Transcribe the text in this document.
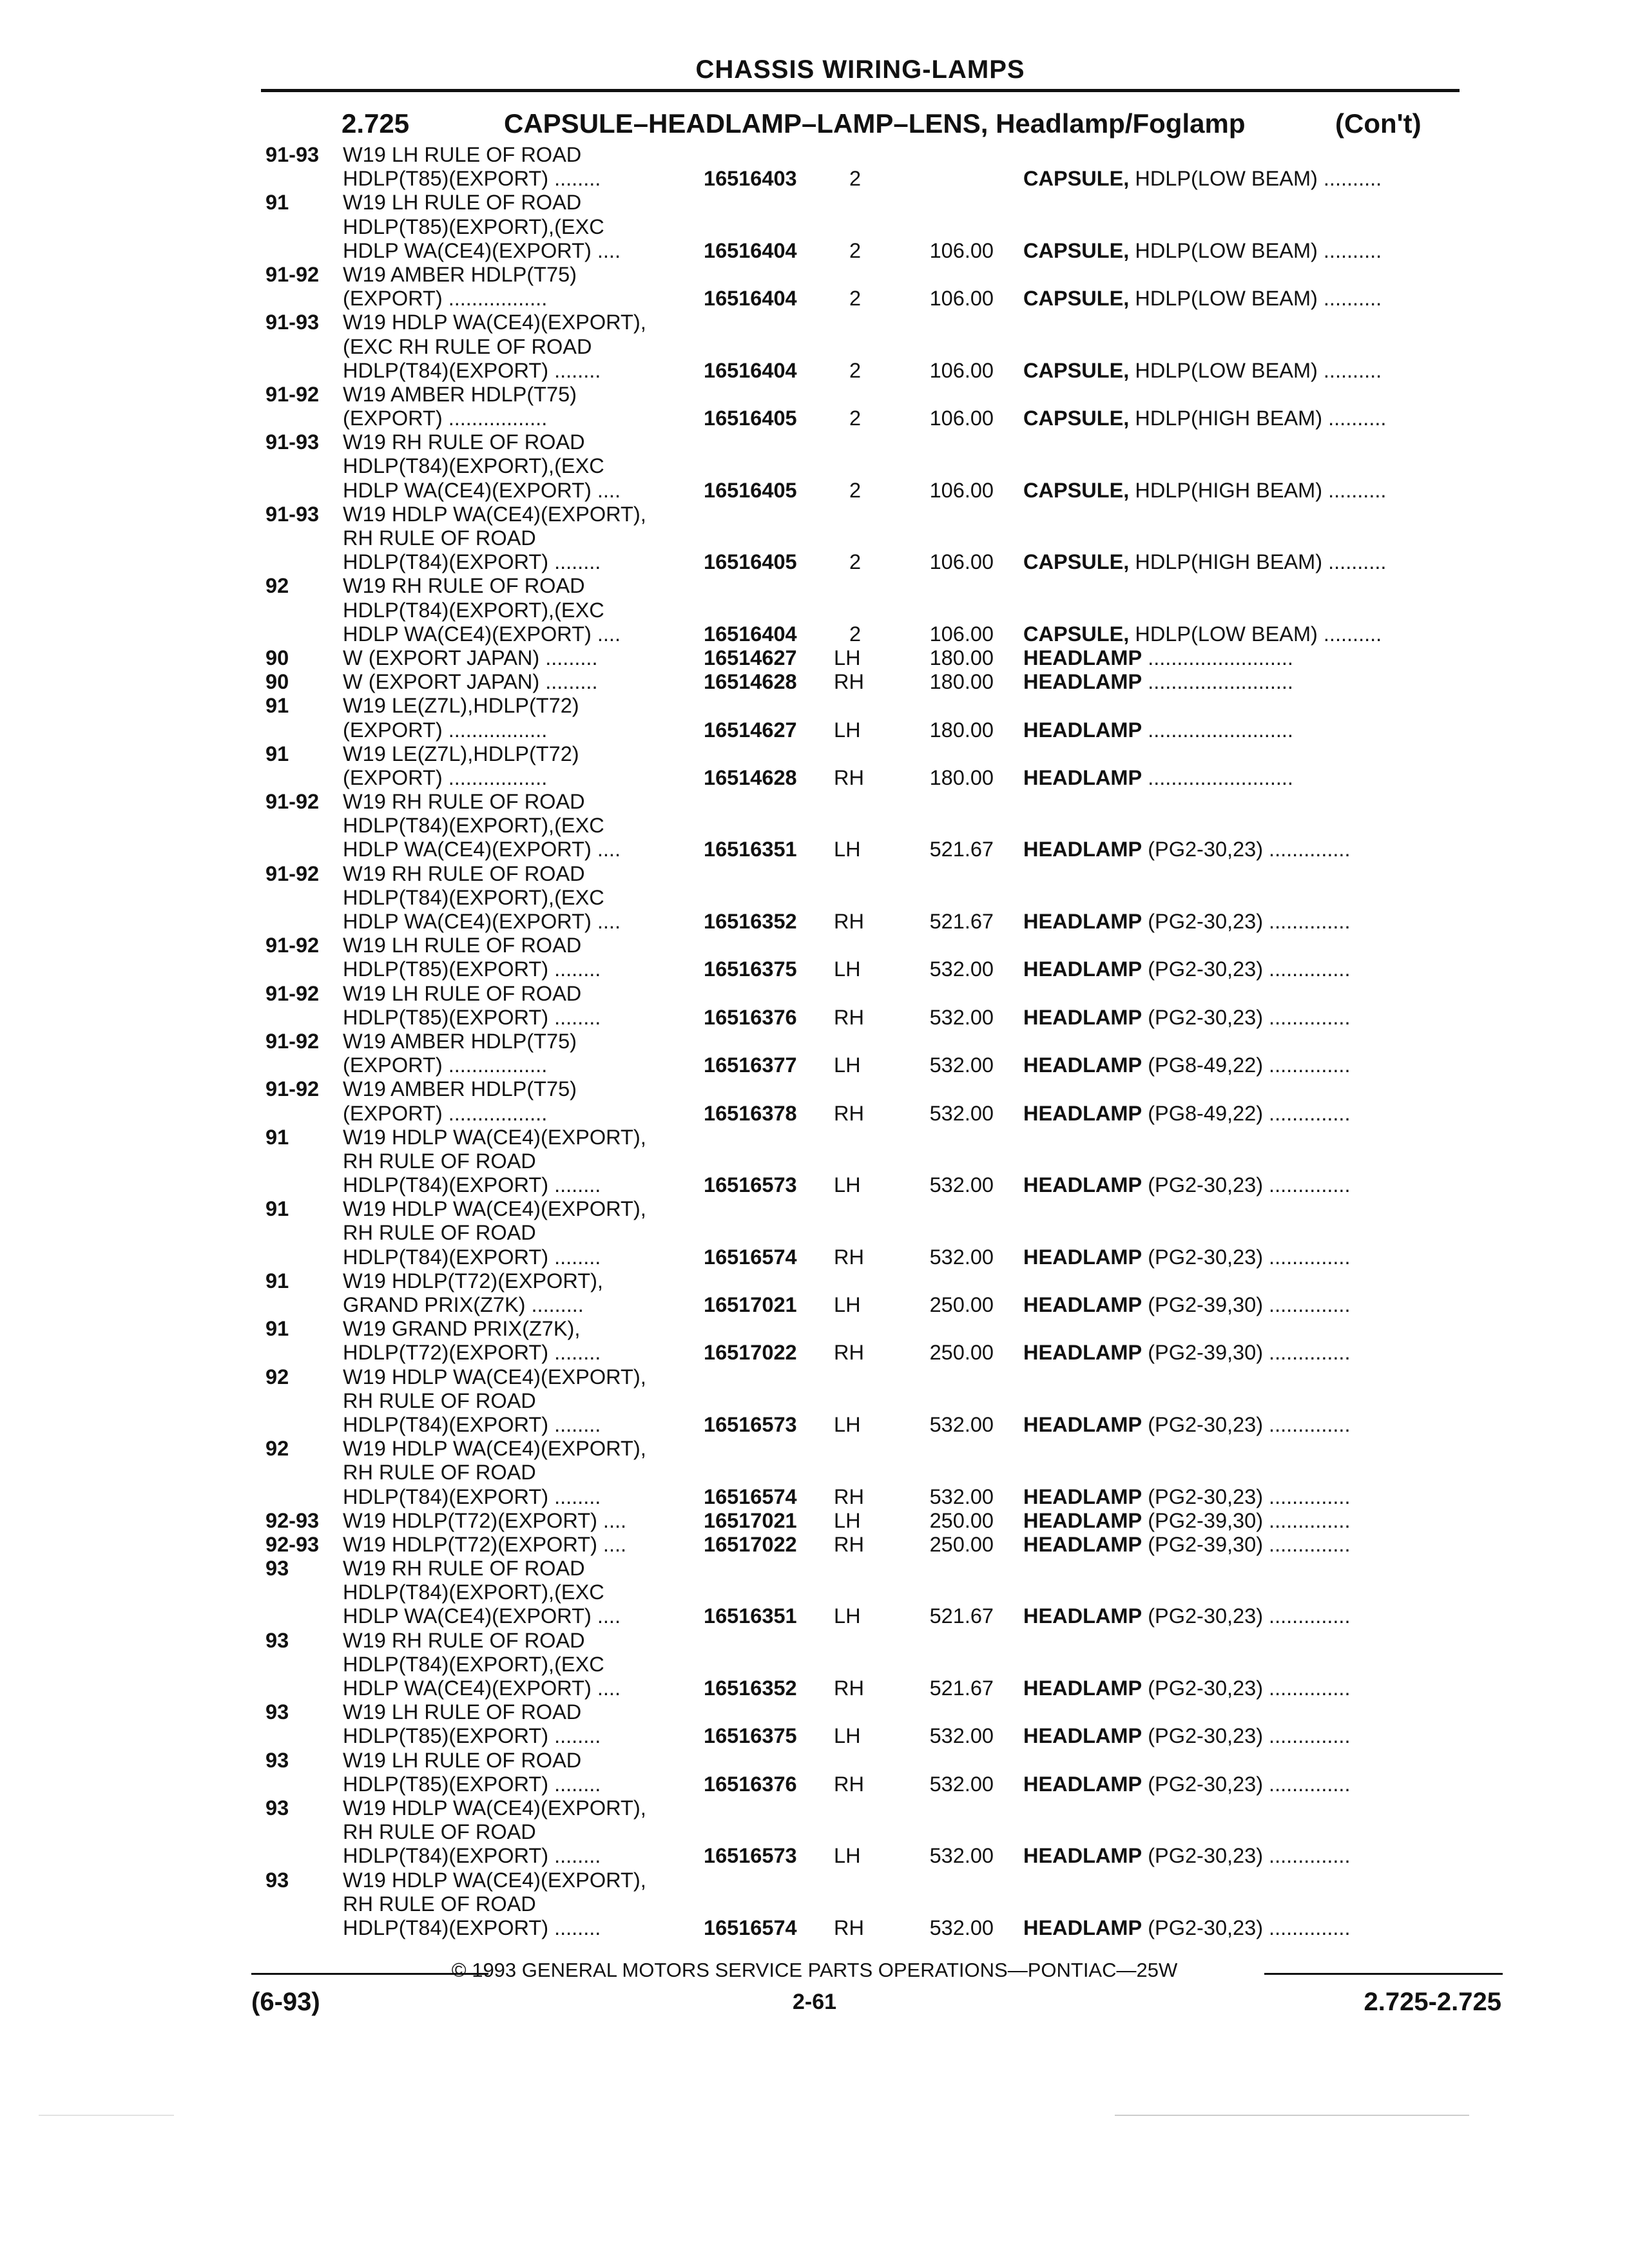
CHASSIS WIRING-LAMPS
2.725	CAPSULE–HEADLAMP–LAMP–LENS, Headlamp/Foglamp	(Con't)
91-93 W19 LH RULE OF ROAD
HDLP(T85)(EXPORT) ........	16516403	2	CAPSULE, HDLP(LOW BEAM) ..........
91	W19 LH RULE OF ROAD
HDLP(T85)(EXPORT),(EXC
HDLP WA(CE4)(EXPORT) ....	16516404	2	106.00 CAPSULE, HDLP(LOW BEAM) ..........
91-92 W19 AMBER HDLP(T75)
(EXPORT) .................	16516404	2	106.00 CAPSULE, HDLP(LOW BEAM) ..........
91-93 W19 HDLP WA(CE4)(EXPORT),
(EXC RH RULE OF ROAD
HDLP(T84)(EXPORT) ........	16516404	2	106.00 CAPSULE, HDLP(LOW BEAM) ..........
91-92 W19 AMBER HDLP(T75)
(EXPORT) .................	16516405	2	106.00 CAPSULE, HDLP(HIGH BEAM) ..........
91-93 W19 RH RULE OF ROAD
HDLP(T84)(EXPORT),(EXC
HDLP WA(CE4)(EXPORT) ....	16516405	2	106.00 CAPSULE, HDLP(HIGH BEAM) ..........
91-93 W19 HDLP WA(CE4)(EXPORT),
RH RULE OF ROAD
HDLP(T84)(EXPORT) ........	16516405	2	106.00 CAPSULE, HDLP(HIGH BEAM) ..........
92	W19 RH RULE OF ROAD
HDLP(T84)(EXPORT),(EXC
HDLP WA(CE4)(EXPORT) ....	16516404	2	106.00 CAPSULE, HDLP(LOW BEAM) ..........
90	W (EXPORT JAPAN) .........	16514627 LH	180.00 HEADLAMP .........................
90	W (EXPORT JAPAN) .........	16514628 RH	180.00 HEADLAMP .........................
91	W19 LE(Z7L),HDLP(T72)
(EXPORT) .................	16514627 LH	180.00 HEADLAMP .........................
91	W19 LE(Z7L),HDLP(T72)
(EXPORT) .................	16514628 RH	180.00 HEADLAMP .........................
91-92 W19 RH RULE OF ROAD
HDLP(T84)(EXPORT),(EXC
HDLP WA(CE4)(EXPORT) ....	16516351 LH	521.67 HEADLAMP (PG2-30,23) ..............
91-92 W19 RH RULE OF ROAD
HDLP(T84)(EXPORT),(EXC
HDLP WA(CE4)(EXPORT) ....	16516352 RH	521.67 HEADLAMP (PG2-30,23) ..............
91-92 W19 LH RULE OF ROAD
HDLP(T85)(EXPORT) ........	16516375 LH	532.00 HEADLAMP (PG2-30,23) ..............
91-92 W19 LH RULE OF ROAD
HDLP(T85)(EXPORT) ........	16516376 RH	532.00 HEADLAMP (PG2-30,23) ..............
91-92 W19 AMBER HDLP(T75)
(EXPORT) .................	16516377 LH	532.00 HEADLAMP (PG8-49,22) ..............
91-92 W19 AMBER HDLP(T75)
(EXPORT) .................	16516378 RH	532.00 HEADLAMP (PG8-49,22) ..............
91	W19 HDLP WA(CE4)(EXPORT),
RH RULE OF ROAD
HDLP(T84)(EXPORT) ........	16516573 LH	532.00 HEADLAMP (PG2-30,23) ..............
91	W19 HDLP WA(CE4)(EXPORT),
RH RULE OF ROAD
HDLP(T84)(EXPORT) ........	16516574 RH	532.00 HEADLAMP (PG2-30,23) ..............
91	W19 HDLP(T72)(EXPORT),
GRAND PRIX(Z7K) .........	16517021 LH	250.00 HEADLAMP (PG2-39,30) ..............
91	W19 GRAND PRIX(Z7K),
HDLP(T72)(EXPORT) ........	16517022 RH	250.00 HEADLAMP (PG2-39,30) ..............
92	W19 HDLP WA(CE4)(EXPORT),
RH RULE OF ROAD
HDLP(T84)(EXPORT) ........	16516573 LH	532.00 HEADLAMP (PG2-30,23) ..............
92	W19 HDLP WA(CE4)(EXPORT),
RH RULE OF ROAD
HDLP(T84)(EXPORT) ........	16516574 RH	532.00 HEADLAMP (PG2-30,23) ..............
92-93 W19 HDLP(T72)(EXPORT) ....	16517021 LH	250.00 HEADLAMP (PG2-39,30) ..............
92-93 W19 HDLP(T72)(EXPORT) ....	16517022 RH	250.00 HEADLAMP (PG2-39,30) ..............
93	W19 RH RULE OF ROAD
HDLP(T84)(EXPORT),(EXC
HDLP WA(CE4)(EXPORT) ....	16516351 LH	521.67 HEADLAMP (PG2-30,23) ..............
93	W19 RH RULE OF ROAD
HDLP(T84)(EXPORT),(EXC
HDLP WA(CE4)(EXPORT) ....	16516352 RH	521.67 HEADLAMP (PG2-30,23) ..............
93	W19 LH RULE OF ROAD
HDLP(T85)(EXPORT) ........	16516375 LH	532.00 HEADLAMP (PG2-30,23) ..............
93	W19 LH RULE OF ROAD
HDLP(T85)(EXPORT) ........	16516376 RH	532.00 HEADLAMP (PG2-30,23) ..............
93	W19 HDLP WA(CE4)(EXPORT),
RH RULE OF ROAD
HDLP(T84)(EXPORT) ........	16516573 LH	532.00 HEADLAMP (PG2-30,23) ..............
93	W19 HDLP WA(CE4)(EXPORT),
RH RULE OF ROAD
HDLP(T84)(EXPORT) ........	16516574 RH	532.00 HEADLAMP (PG2-30,23) ..............
© 1993 GENERAL MOTORS SERVICE PARTS OPERATIONS—PONTIAC—25W
(6-93)	2-61	2.725-2.725
